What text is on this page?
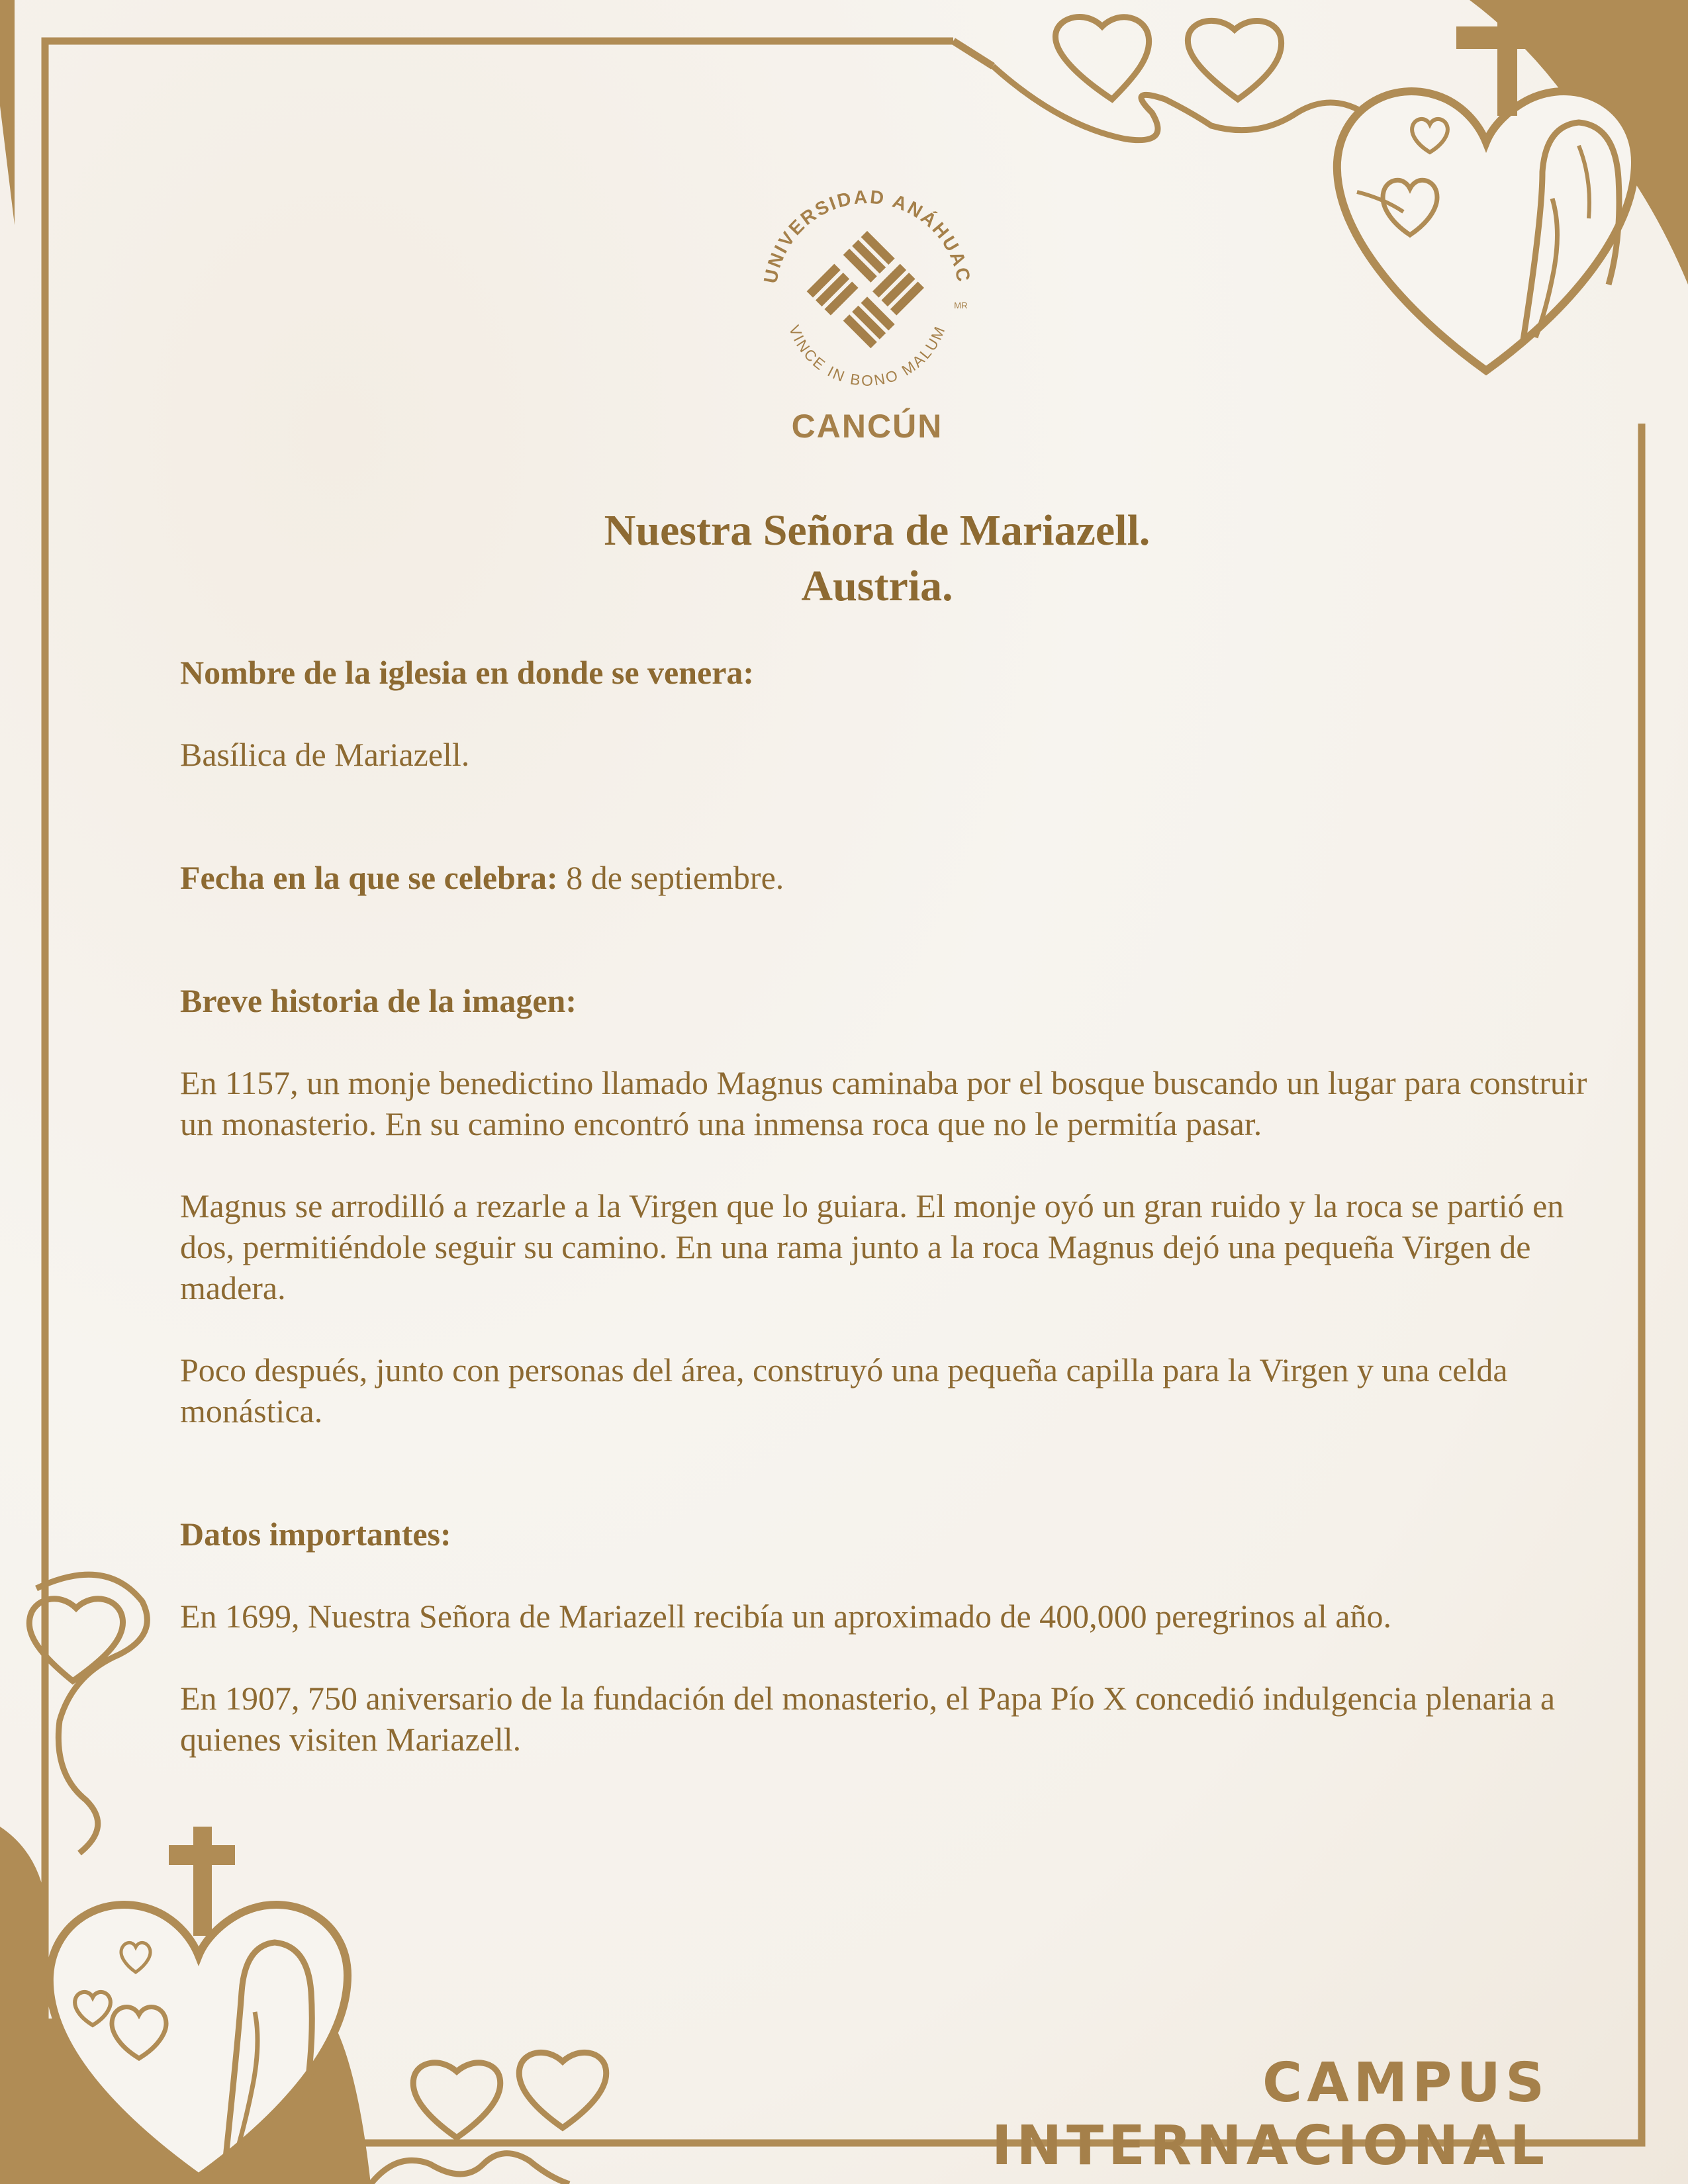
UNIVERSIDAD ANÁHUAC
VINCE IN BONO MALUM
MR
CANCÚN
Nuestra Señora de Mariazell.
Austria.

Nombre de la iglesia en donde se venera:

Basílica de Mariazell.

Fecha en la que se celebra: 8 de septiembre.

Breve historia de la imagen:

En 1157, un monje benedictino llamado Magnus caminaba por el bosque buscando un lugar para construir un monasterio. En su camino encontró una inmensa roca que no le permitía pasar.

Magnus se arrodilló a rezarle a la Virgen que lo guiara. El monje oyó un gran ruido y la roca se partió en dos, permitiéndole seguir su camino. En una rama junto a la roca Magnus dejó una pequeña Virgen de madera.

Poco después, junto con personas del área, construyó una pequeña capilla para la Virgen y una celda monástica.

Datos importantes:

En 1699, Nuestra Señora de Mariazell recibía un aproximado de 400,000 peregrinos al año.

En 1907, 750 aniversario de la fundación del monasterio, el Papa Pío X concedió indulgencia plenaria a quienes visiten Mariazell.

CAMPUS INTERNACIONAL
